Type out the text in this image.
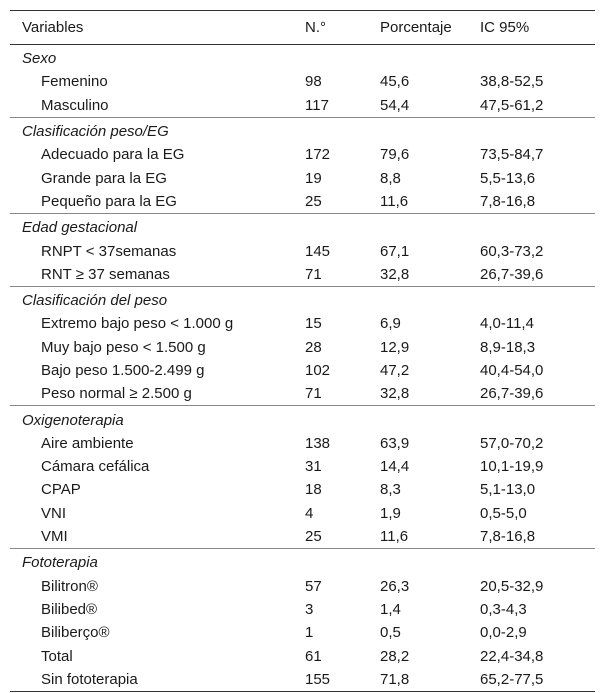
Variables	N.°	Porcentaje	IC 95%
Sexo			
Femenino	98	45,6	38,8-52,5
Masculino	117	54,4	47,5-61,2
Clasificación peso/EG			
Adecuado para la EG	172	79,6	73,5-84,7
Grande para la EG	19	8,8	5,5-13,6
Pequeño para la EG	25	11,6	7,8-16,8
Edad gestacional			
RNPT < 37semanas	145	67,1	60,3-73,2
RNT ≥ 37 semanas	71	32,8	26,7-39,6
Clasificación del peso			
Extremo bajo peso < 1.000 g	15	6,9	4,0-11,4
Muy bajo peso < 1.500 g	28	12,9	8,9-18,3
Bajo peso 1.500-2.499 g	102	47,2	40,4-54,0
Peso normal ≥ 2.500 g	71	32,8	26,7-39,6
Oxigenoterapia			
Aire ambiente	138	63,9	57,0-70,2
Cámara cefálica	31	14,4	10,1-19,9
CPAP	18	8,3	5,1-13,0
VNI	4	1,9	0,5-5,0
VMI	25	11,6	7,8-16,8
Fototerapia			
Bilitron®	57	26,3	20,5-32,9
Bilibed®	3	1,4	0,3-4,3
Biliberço®	1	0,5	0,0-2,9
Total	61	28,2	22,4-34,8
Sin fototerapia	155	71,8	65,2-77,5
